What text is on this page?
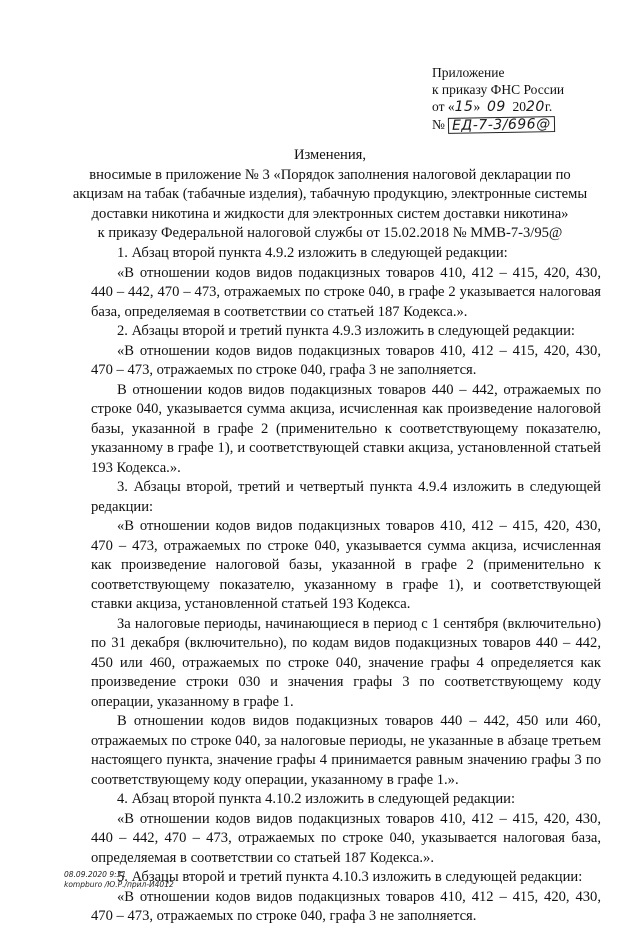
Приложение
к приказу ФНС России
от «15» 09 2020г.
№ ЕД-7-3/696@
Изменения,
вносимые в приложение № 3 «Порядок заполнения налоговой декларации по
акцизам на табак (табачные изделия), табачную продукцию, электронные системы
доставки никотина и жидкости для электронных систем доставки никотина»
к приказу Федеральной налоговой службы от 15.02.2018 № ММВ-7-3/95@

1. Абзац второй пункта 4.9.2 изложить в следующей редакции:

«В отношении кодов видов подакцизных товаров 410, 412 – 415, 420, 430, 440 – 442, 470 – 473, отражаемых по строке 040, в графе 2 указывается налоговая база, определяемая в соответствии со статьей 187 Кодекса.».

2. Абзацы второй и третий пункта 4.9.3 изложить в следующей редакции:

«В отношении кодов видов подакцизных товаров 410, 412 – 415, 420, 430, 470 – 473, отражаемых по строке 040, графа 3 не заполняется.

В отношении кодов видов подакцизных товаров 440 – 442, отражаемых по строке 040, указывается сумма акциза, исчисленная как произведение налоговой базы, указанной в графе 2 (применительно к соответствующему показателю, указанному в графе 1), и соответствующей ставки акциза, установленной статьей 193 Кодекса.».

3. Абзацы второй, третий и четвертый пункта 4.9.4 изложить в следующей редакции:

«В отношении кодов видов подакцизных товаров 410, 412 – 415, 420, 430, 470 – 473, отражаемых по строке 040, указывается сумма акциза, исчисленная как произведение налоговой базы, указанной в графе 2 (применительно к соответствующему показателю, указанному в графе 1), и соответствующей ставки акциза, установленной статьей 193 Кодекса.

За налоговые периоды, начинающиеся в период с 1 сентября (включительно) по 31 декабря (включительно), по кодам видов подакцизных товаров 440 – 442, 450 или 460, отражаемых по строке 040, значение графы 4 определяется как произведение строки 030 и значения графы 3 по соответствующему коду операции, указанному в графе 1.

В отношении кодов видов подакцизных товаров 440 – 442, 450 или 460, отражаемых по строке 040, за налоговые периоды, не указанные в абзаце третьем настоящего пункта, значение графы 4 принимается равным значению графы 3 по соответствующему коду операции, указанному в графе 1.».

4. Абзац второй пункта 4.10.2 изложить в следующей редакции:

«В отношении кодов видов подакцизных товаров 410, 412 – 415, 420, 430, 440 – 442, 470 – 473, отражаемых по строке 040, указывается налоговая база, определяемая в соответствии со статьей 187 Кодекса.».

5. Абзацы второй и третий пункта 4.10.3 изложить в следующей редакции:

«В отношении кодов видов подакцизных товаров 410, 412 – 415, 420, 430, 470 – 473, отражаемых по строке 040, графа 3 не заполняется.

08.09.2020 9:31
kompburo /Ю.Р./прил-И4012
